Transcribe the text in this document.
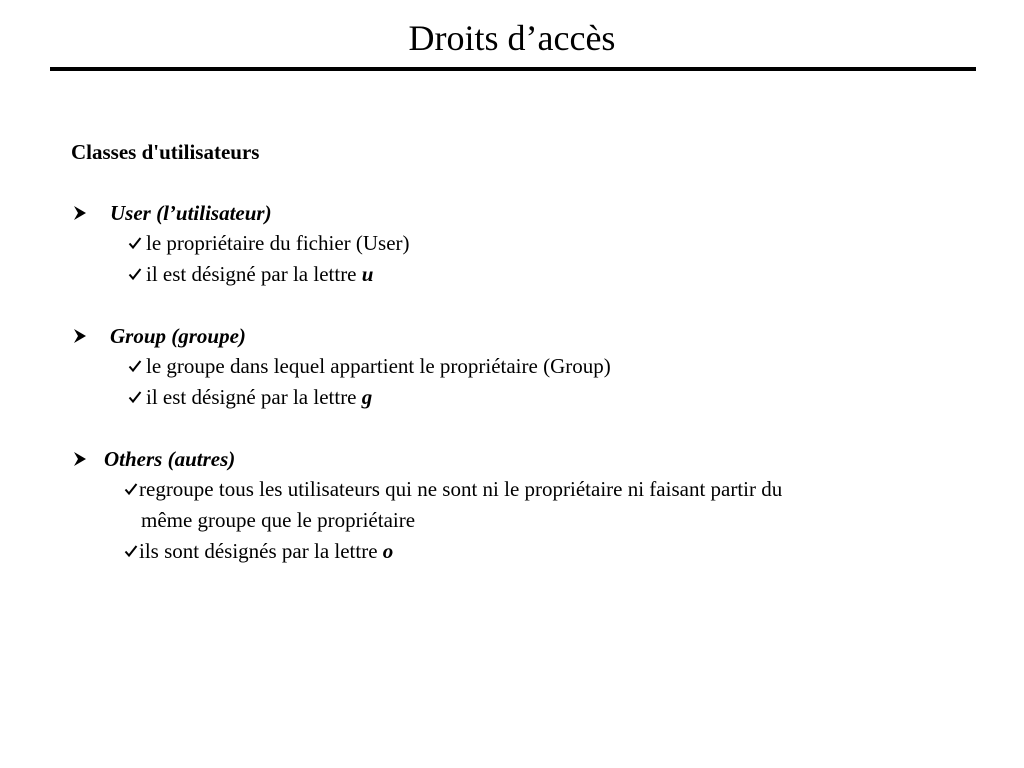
Droits d’accès
Classes d'utilisateurs
User (l’utilisateur)
le propriétaire du fichier (User)
il est désigné par la lettre u
Group (groupe)
le groupe dans lequel appartient le propriétaire (Group)
il est désigné par la lettre g
Others (autres)
regroupe tous les utilisateurs qui ne sont ni le propriétaire ni faisant partir du
même groupe que le propriétaire
ils sont désignés par la lettre o
